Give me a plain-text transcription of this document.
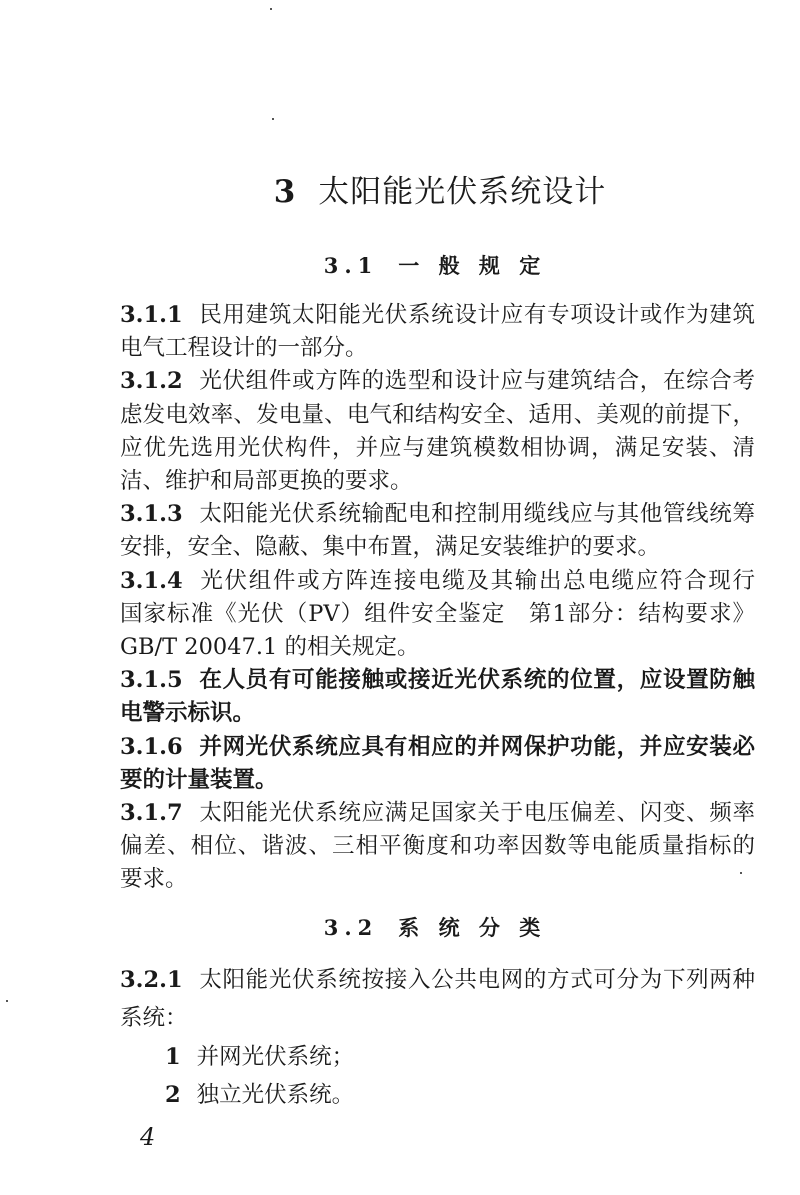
3 太阳能光伏系统设计
3.1 一 般 规 定
3.1.1 民用建筑太阳能光伏系统设计应有专项设计或作为建筑
电气工程设计的一部分。
3.1.2 光伏组件或方阵的选型和设计应与建筑结合，在综合考
虑发电效率、发电量、电气和结构安全、适用、美观的前提下，
应优先选用光伏构件，并应与建筑模数相协调，满足安装、清
洁、维护和局部更换的要求。
3.1.3 太阳能光伏系统输配电和控制用缆线应与其他管线统筹
安排，安全、隐蔽、集中布置，满足安装维护的要求。
3.1.4 光伏组件或方阵连接电缆及其输出总电缆应符合现行
国家标准《光伏（PV）组件安全鉴定　第1部分：结构要求》
GB/T 20047.1 的相关规定。
3.1.5 在人员有可能接触或接近光伏系统的位置，应设置防触
电警示标识。
3.1.6 并网光伏系统应具有相应的并网保护功能，并应安装必
要的计量装置。
3.1.7 太阳能光伏系统应满足国家关于电压偏差、闪变、频率
偏差、相位、谐波、三相平衡度和功率因数等电能质量指标的
要求。
3.2 系 统 分 类
3.2.1 太阳能光伏系统按接入公共电网的方式可分为下列两种
系统：
1 并网光伏系统；
2 独立光伏系统。
4
